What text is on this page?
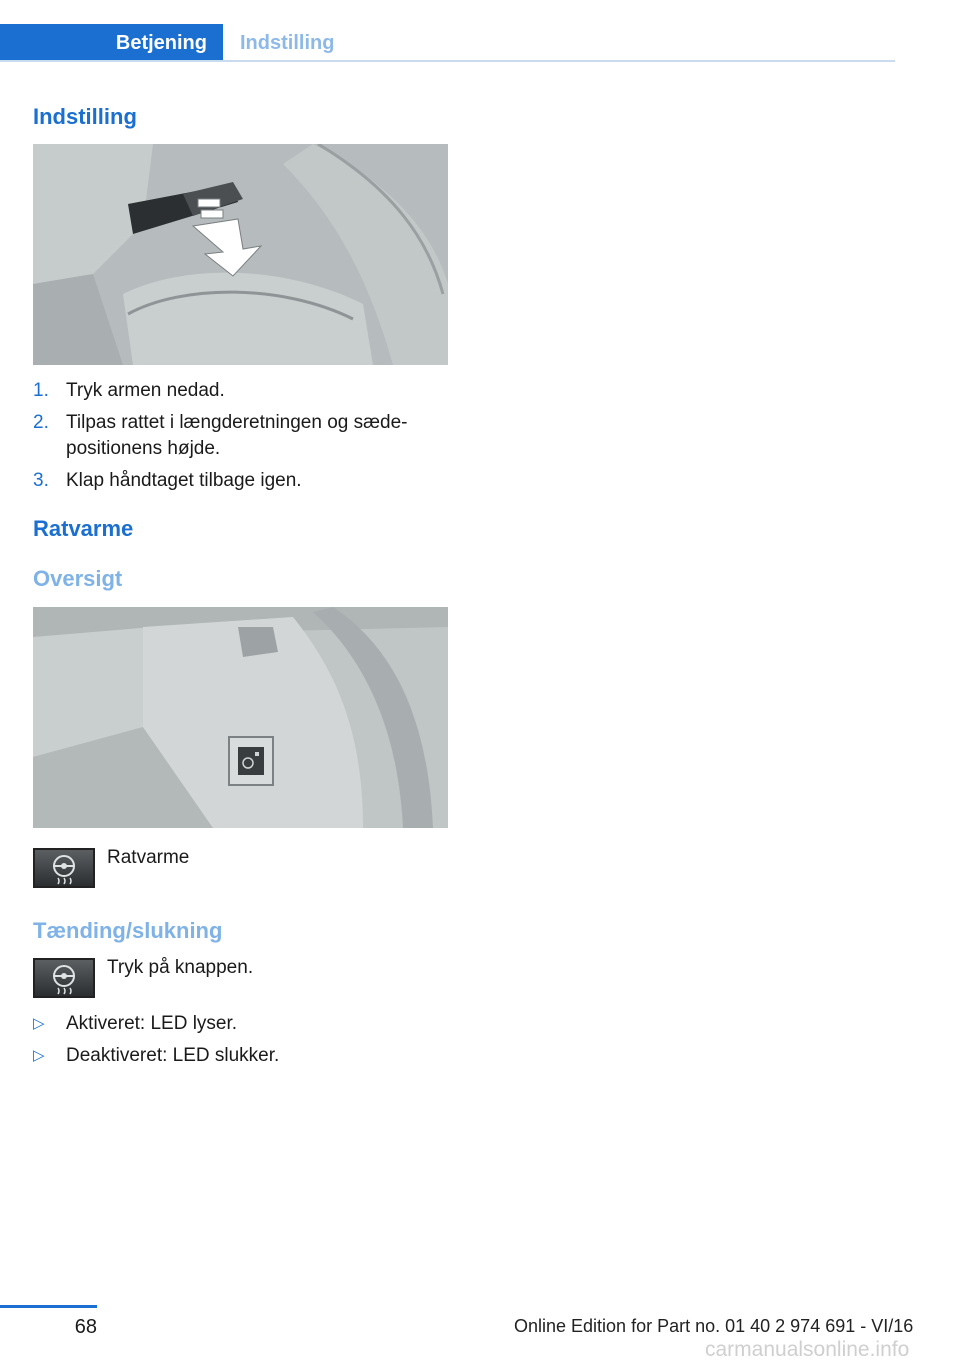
Betjening	Indstilling
Indstilling
1. Tryk armen nedad.
2. Tilpas rattet i længderetningen og sædepositionens højde.
3. Klap håndtaget tilbage igen.
Ratvarme
Oversigt

Ratvarme

Tænding/slukning

Tryk på knappen.

▷ Aktiveret: LED lyser.
▷ Deaktiveret: LED slukker.
68	Online Edition for Part no. 01 40 2 974 691 - VI/16
carmanualsonline.info
